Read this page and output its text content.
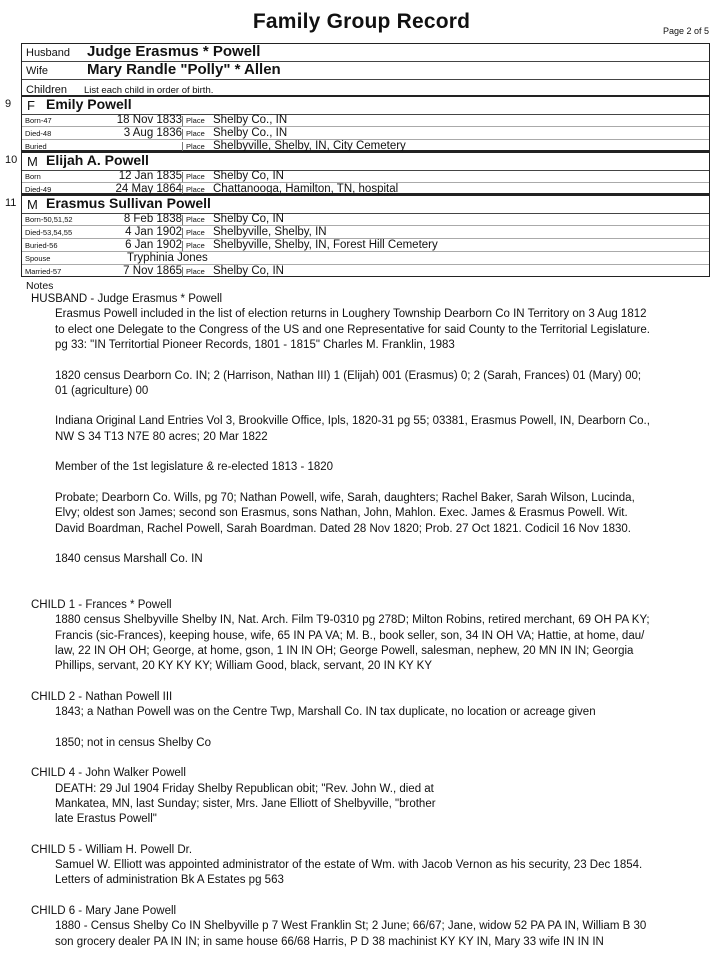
Family Group Record	Page 2 of 5
Husband Judge Erasmus * Powell
Wife	Mary Randle "Polly" * Allen
Children List each child in order of birth.
9 F Emily Powell
Born-47	18 Nov 1833 Place Shelby Co., IN
Died-48	3 Aug 1836 Place Shelby Co., IN
Buried	Place Shelbyville, Shelby, IN, City Cemetery
10 M Elijah A. Powell
Born	12 Jan 1835 Place Shelby Co, IN
Died-49	24 May 1864 Place Chattanooga, Hamilton, TN, hospital
11 M Erasmus Sullivan Powell
Born-50,51,52	8 Feb 1838 Place Shelby Co, IN
Died-53,54,55	4 Jan 1902 Place Shelbyville, Shelby, IN
Buried-56	6 Jan 1902 Place Shelbyville, Shelby, IN, Forest Hill Cemetery
Spouse	Tryphinia Jones
Married-57	7 Nov 1865 Place Shelby Co, IN
Notes
HUSBAND - Judge Erasmus * Powell
Erasmus Powell included in the list of election returns in Loughery Township Dearborn Co IN Territory on 3 Aug 1812
to elect one Delegate to the Congress of the US and one Representative for said County to the Territorial Legislature.
pg 33: "IN Territortial Pioneer Records, 1801 - 1815" Charles M. Franklin, 1983
1820 census Dearborn Co. IN; 2 (Harrison, Nathan III) 1 (Elijah) 001 (Erasmus) 0; 2 (Sarah, Frances) 01 (Mary) 00;
01 (agriculture) 00
Indiana Original Land Entries Vol 3, Brookville Office, Ipls, 1820-31 pg 55; 03381, Erasmus Powell, IN, Dearborn Co.,
NW S 34 T13 N7E 80 acres; 20 Mar 1822
Member of the 1st legislature & re-elected 1813 - 1820
Probate; Dearborn Co. Wills, pg 70; Nathan Powell, wife, Sarah, daughters; Rachel Baker, Sarah Wilson, Lucinda,
Elvy; oldest son James; second son Erasmus, sons Nathan, John, Mahlon. Exec. James & Erasmus Powell. Wit.
David Boardman, Rachel Powell, Sarah Boardman. Dated 28 Nov 1820; Prob. 27 Oct 1821. Codicil 16 Nov 1830.
1840 census Marshall Co. IN
CHILD 1 - Frances * Powell
1880 census Shelbyville Shelby IN, Nat. Arch. Film T9-0310 pg 278D; Milton Robins, retired merchant, 69 OH PA KY;
Francis (sic-Frances), keeping house, wife, 65 IN PA VA; M. B., book seller, son, 34 IN OH VA; Hattie, at home, dau/
law, 22 IN OH OH; George, at home, gson, 1 IN IN OH; George Powell, salesman, nephew, 20 MN IN IN; Georgia
Phillips, servant, 20 KY KY KY; William Good, black, servant, 20 IN KY KY
CHILD 2 - Nathan Powell III
1843; a Nathan Powell was on the Centre Twp, Marshall Co. IN tax duplicate, no location or acreage given
1850; not in census Shelby Co
CHILD 4 - John Walker Powell
DEATH: 29 Jul 1904 Friday Shelby Republican obit; "Rev. John W., died at
Mankatea, MN, last Sunday; sister, Mrs. Jane Elliott of Shelbyville, "brother
late Erastus Powell"
CHILD 5 - William H. Powell Dr.
Samuel W. Elliott was appointed administrator of the estate of Wm. with Jacob Vernon as his security, 23 Dec 1854.
Letters of administration Bk A Estates pg 563
CHILD 6 - Mary Jane Powell
1880 - Census Shelby Co IN Shelbyville p 7 West Franklin St; 2 June; 66/67; Jane, widow 52 PA PA IN, William B 30
son grocery dealer PA IN IN; in same house 66/68 Harris, P D 38 machinist KY KY IN, Mary 33 wife IN IN IN
